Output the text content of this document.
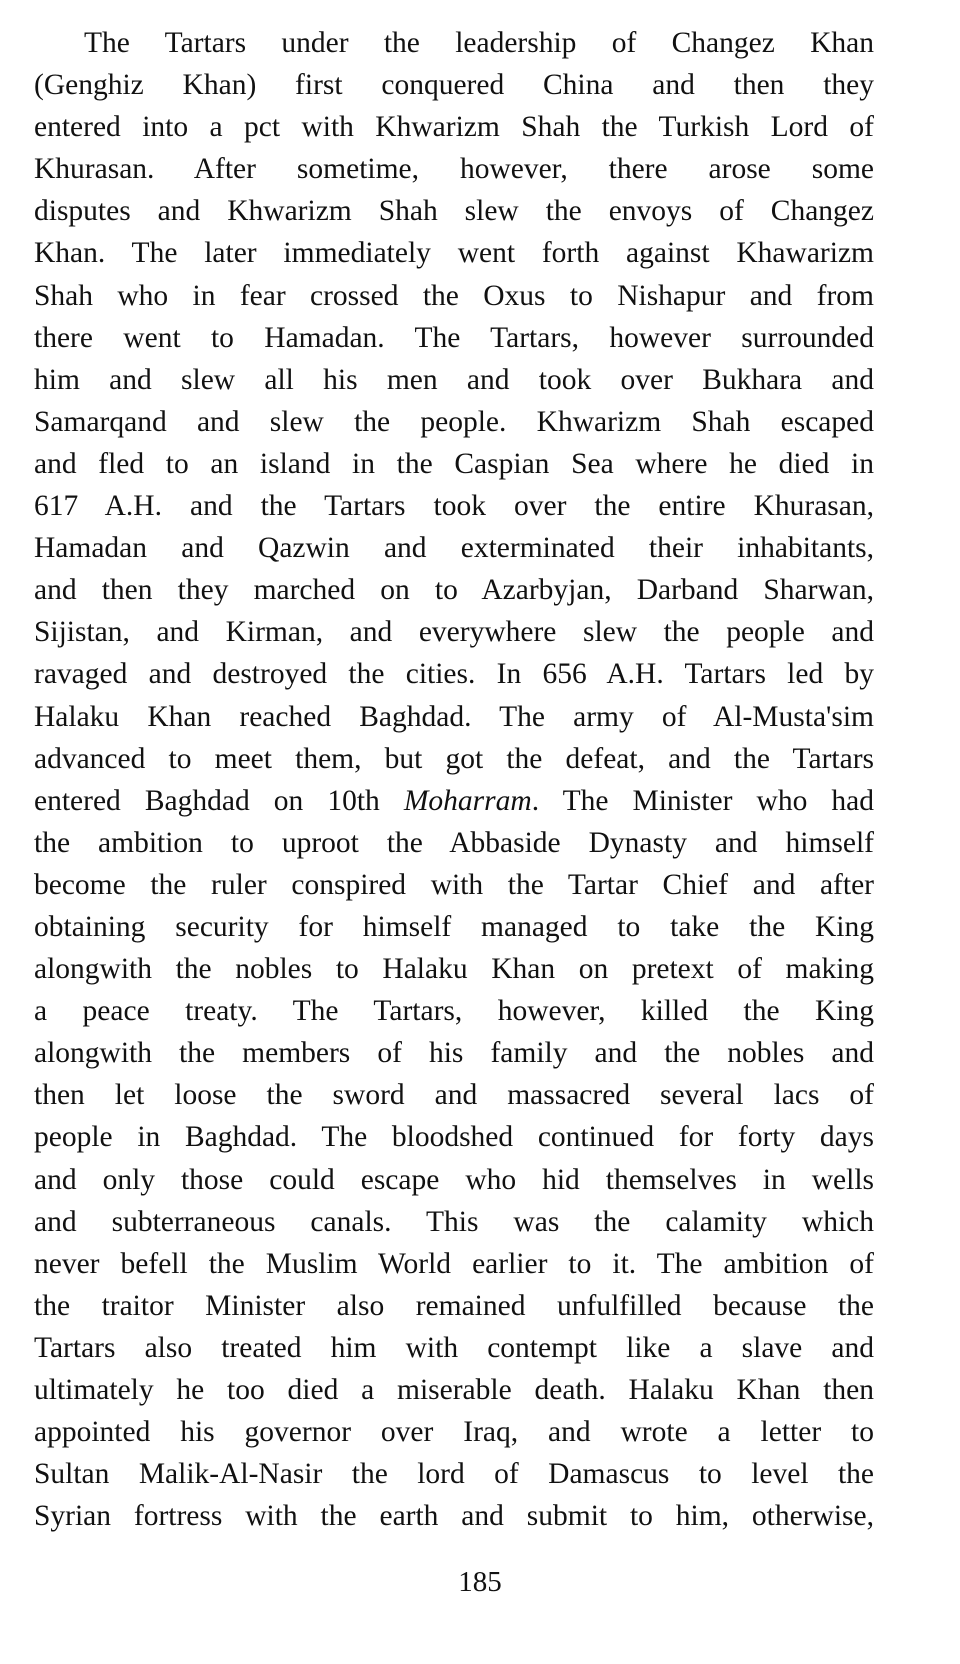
The Tartars under the leadership of Changez Khan
(Genghiz Khan) first conquered China and then they
entered into a pct with Khwarizm Shah the Turkish Lord of
Khurasan. After sometime, however, there arose some
disputes and Khwarizm Shah slew the envoys of Changez
Khan. The later immediately went forth against Khawarizm
Shah who in fear crossed the Oxus to Nishapur and from
there went to Hamadan. The Tartars, however surrounded
him and slew all his men and took over Bukhara and
Samarqand and slew the people. Khwarizm Shah escaped
and fled to an island in the Caspian Sea where he died in
617 A.H. and the Tartars took over the entire Khurasan,
Hamadan and Qazwin and exterminated their inhabitants,
and then they marched on to Azarbyjan, Darband Sharwan,
Sijistan, and Kirman, and everywhere slew the people and
ravaged and destroyed the cities. In 656 A.H. Tartars led by
Halaku Khan reached Baghdad. The army of Al-Musta'sim
advanced to meet them, but got the defeat, and the Tartars
entered Baghdad on 10th Moharram. The Minister who had
the ambition to uproot the Abbaside Dynasty and himself
become the ruler conspired with the Tartar Chief and after
obtaining security for himself managed to take the King
alongwith the nobles to Halaku Khan on pretext of making
a peace treaty. The Tartars, however, killed the King
alongwith the members of his family and the nobles and
then let loose the sword and massacred several lacs of
people in Baghdad. The bloodshed continued for forty days
and only those could escape who hid themselves in wells
and subterraneous canals. This was the calamity which
never befell the Muslim World earlier to it. The ambition of
the traitor Minister also remained unfulfilled because the
Tartars also treated him with contempt like a slave and
ultimately he too died a miserable death. Halaku Khan then
appointed his governor over Iraq, and wrote a letter to
Sultan Malik-Al-Nasir the lord of Damascus to level the
Syrian fortress with the earth and submit to him, otherwise,
185
